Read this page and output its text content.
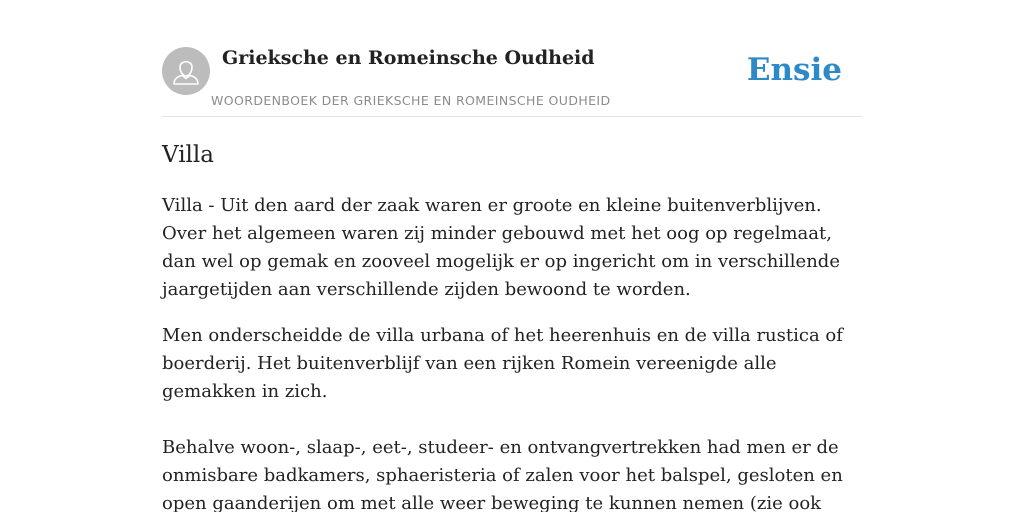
Grieksche en Romeinsche Oudheid
WOORDENBOEK DER GRIEKSCHE EN ROMEINSCHE OUDHEID
Ensie
Villa

Villa - Uit den aard der zaak waren er groote en kleine buitenverblijven. Over het algemeen waren zij minder gebouwd met het oog op regelmaat, dan wel op gemak en zooveel mogelijk er op ingericht om in verschillende jaargetijden aan verschillende zijden bewoond te worden.

Men onderscheidde de villa urbana of het heerenhuis en de villa rustica of boerderij. Het buitenverblijf van een rijken Romein vereenigde alle gemakken in zich.

Behalve woon-, slaap-, eet-, studeer- en ontvangvertrekken had men er de onmisbare badkamers, sphaeristeria of zalen voor het balspel, gesloten en open gaanderijen om met alle weer beweging te kunnen nemen (zie ook
